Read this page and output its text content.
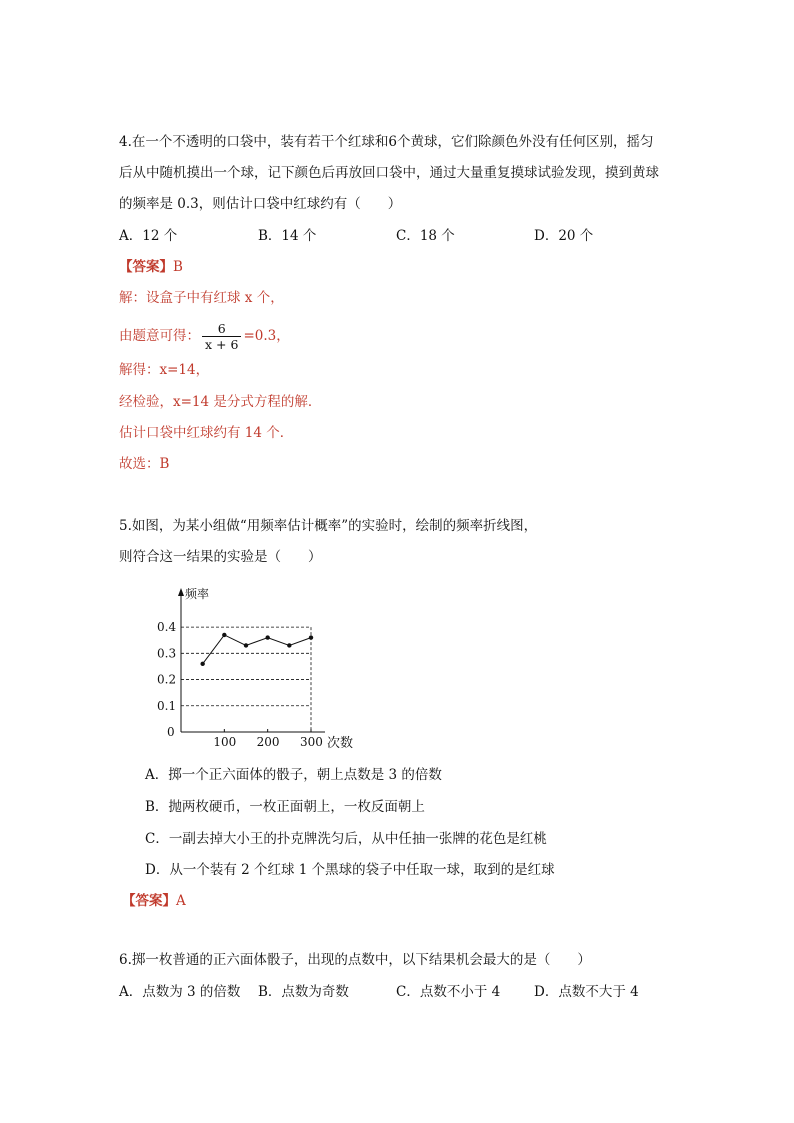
4.在一个不透明的口袋中，装有若干个红球和6个黄球，它们除颜色外没有任何区别，摇匀
后从中随机摸出一个球，记下颜色后再放回口袋中，通过大量重复摸球试验发现，摸到黄球
的频率是 0.3，则估计口袋中红球约有（　　）
A．12 个	B．14 个	C．18 个	D．20 个
【答案】B
解：设盒子中有红球 x 个，
由题意可得： $\frac{6}{x + 6} =0.3$，
解得：x=14，
经检验，x=14 是分式方程的解．
估计口袋中红球约有 14 个．
故选：B
5.如图，为某小组做“用频率估计概率”的实验时，绘制的频率折线图，
则符合这一结果的实验是（　　）
0.1
0.2
0.3
0.4
100 200 300
0
频率
次数
A．掷一个正六面体的骰子，朝上点数是 3 的倍数
B．抛两枚硬币，一枚正面朝上，一枚反面朝上
C．一副去掉大小王的扑克牌洗匀后，从中任抽一张牌的花色是红桃
D．从一个装有 2 个红球 1 个黑球的袋子中任取一球，取到的是红球
【答案】A
6.掷一枚普通的正六面体骰子，出现的点数中，以下结果机会最大的是（　　）
A．点数为 3 的倍数 B．点数为奇数	C．点数不小于 4	D．点数不大于 4
